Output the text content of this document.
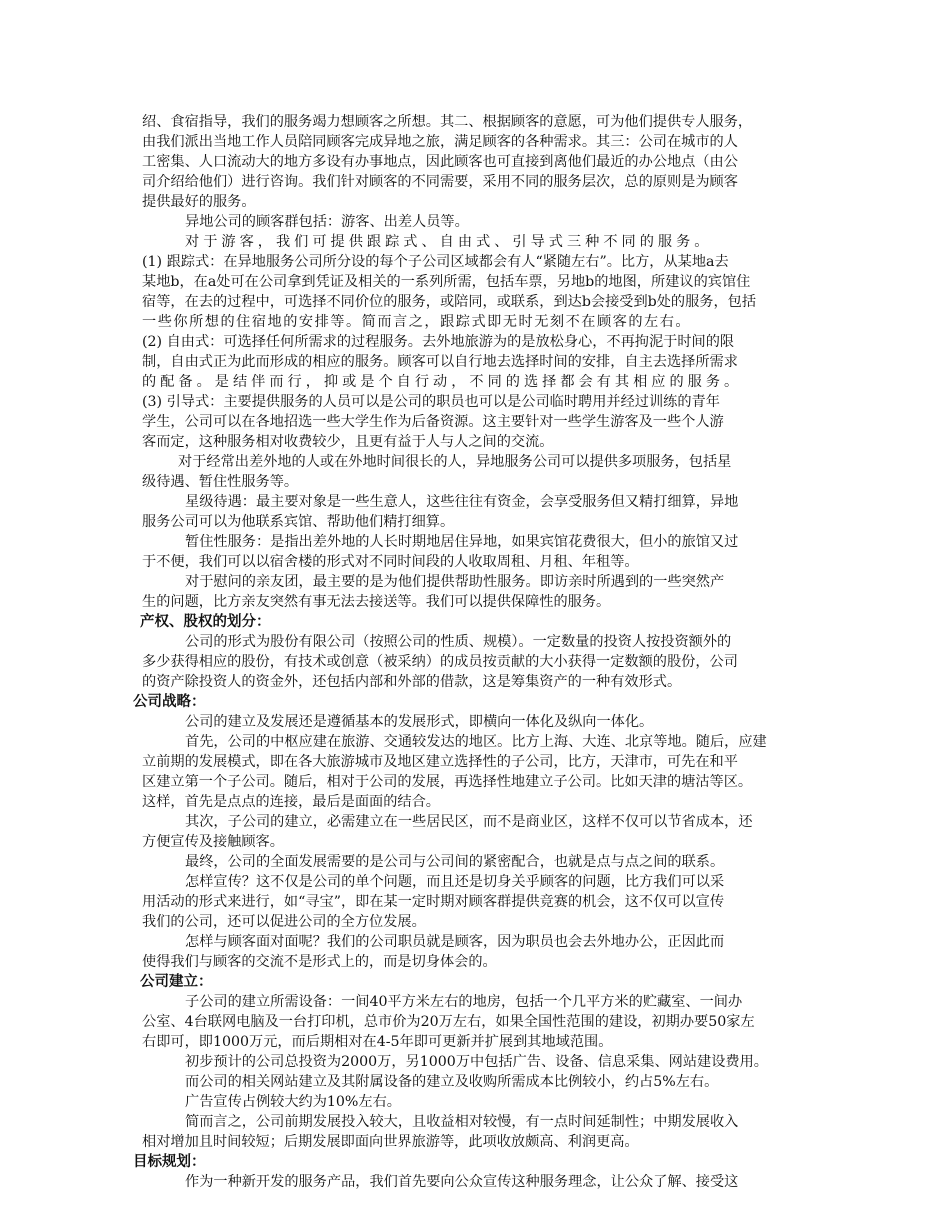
绍、食宿指导，我们的服务竭力想顾客之所想。其二、根据顾客的意愿，可为他们提供专人服务，
由我们派出当地工作人员陪同顾客完成异地之旅，满足顾客的各种需求。其三：公司在城市的人
工密集、人口流动大的地方多设有办事地点，因此顾客也可直接到离他们最近的办公地点（由公
司介绍给他们）进行咨询。我们针对顾客的不同需要，采用不同的服务层次，总的原则是为顾客
提供最好的服务。
异地公司的顾客群包括：游客、出差人员等。
对于游客，我们可提供跟踪式、自由式、引导式三种不同的服务。
(1) 跟踪式：在异地服务公司所分设的每个子公司区域都会有人“紧随左右”。比方，从某地a去
某地b，在a处可在公司拿到凭证及相关的一系列所需，包括车票，另地b的地图，所建议的宾馆住
宿等，在去的过程中，可选择不同价位的服务，或陪同，或联系，到达b会接受到b处的服务，包括
一些你所想的住宿地的安排等。简而言之，跟踪式即无时无刻不在顾客的左右。
(2) 自由式：可选择任何所需求的过程服务。去外地旅游为的是放松身心，不再拘泥于时间的限
制，自由式正为此而形成的相应的服务。顾客可以自行地去选择时间的安排，自主去选择所需求
的配备。是结伴而行，抑或是个自行动，不同的选择都会有其相应的服务。
(3) 引导式：主要提供服务的人员可以是公司的职员也可以是公司临时聘用并经过训练的青年
学生，公司可以在各地招选一些大学生作为后备资源。这主要针对一些学生游客及一些个人游
客而定，这种服务相对收费较少，且更有益于人与人之间的交流。
对于经常出差外地的人或在外地时间很长的人，异地服务公司可以提供多项服务，包括星
级待遇、暂住性服务等。
星级待遇：最主要对象是一些生意人，这些往往有资金，会享受服务但又精打细算，异地
服务公司可以为他联系宾馆、帮助他们精打细算。
暂住性服务：是指出差外地的人长时期地居住异地，如果宾馆花费很大，但小的旅馆又过
于不便，我们可以以宿舍楼的形式对不同时间段的人收取周租、月租、年租等。
对于慰问的亲友团，最主要的是为他们提供帮助性服务。即访亲时所遇到的一些突然产
生的问题，比方亲友突然有事无法去接送等。我们可以提供保障性的服务。
产权、股权的划分：
公司的形式为股份有限公司（按照公司的性质、规模）。一定数量的投资人按投资额外的
多少获得相应的股份，有技术或创意（被采纳）的成员按贡献的大小获得一定数额的股份，公司
的资产除投资人的资金外，还包括内部和外部的借款，这是筹集资产的一种有效形式。
公司战略：
公司的建立及发展还是遵循基本的发展形式，即横向一体化及纵向一体化。
首先，公司的中枢应建在旅游、交通较发达的地区。比方上海、大连、北京等地。随后，应建
立前期的发展模式，即在各大旅游城市及地区建立选择性的子公司，比方，天津市，可先在和平
区建立第一个子公司。随后，相对于公司的发展，再选择性地建立子公司。比如天津的塘沽等区。
这样，首先是点点的连接，最后是面面的结合。
其次，子公司的建立，必需建立在一些居民区，而不是商业区，这样不仅可以节省成本，还
方便宣传及接触顾客。
最终，公司的全面发展需要的是公司与公司间的紧密配合，也就是点与点之间的联系。
怎样宣传？这不仅是公司的单个问题，而且还是切身关乎顾客的问题，比方我们可以采
用活动的形式来进行，如“寻宝”，即在某一定时期对顾客群提供竞赛的机会，这不仅可以宣传
我们的公司，还可以促进公司的全方位发展。
怎样与顾客面对面呢？我们的公司职员就是顾客，因为职员也会去外地办公，正因此而
使得我们与顾客的交流不是形式上的，而是切身体会的。
公司建立：
子公司的建立所需设备：一间40平方米左右的地房，包括一个几平方米的贮藏室、一间办
公室、4台联网电脑及一台打印机，总市价为20万左右，如果全国性范围的建设，初期办要50家左
右即可，即1000万元，而后期相对在4-5年即可更新并扩展到其地域范围。
初步预计的公司总投资为2000万，另1000万中包括广告、设备、信息采集、网站建设费用。
而公司的相关网站建立及其附属设备的建立及收购所需成本比例较小，约占5%左右。
广告宣传占例较大约为10%左右。
简而言之，公司前期发展投入较大，且收益相对较慢，有一点时间延制性；中期发展收入
相对增加且时间较短；后期发展即面向世界旅游等，此项收放颇高、利润更高。
目标规划：
作为一种新开发的服务产品，我们首先要向公众宣传这种服务理念，让公众了解、接受这
